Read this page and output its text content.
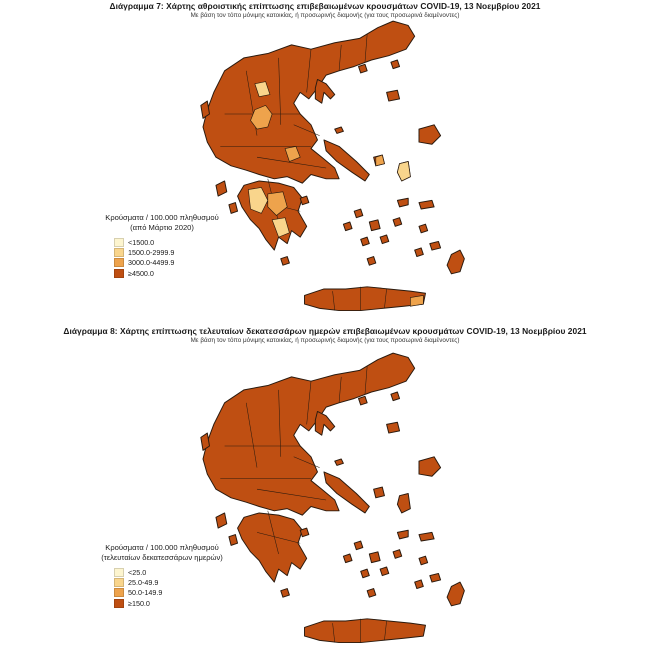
Διάγραμμα 7: Χάρτης αθροιστικής επίπτωσης επιβεβαιωμένων κρουσμάτων COVID-19, 13 Νοεμβρίου 2021
Με βάση τον τόπο μόνιμης κατοικίας, ή προσωρινής διαμονής (για τους προσωρινά διαμένοντες)
Κρούσματα / 100.000 πληθυσμού
(από Μάρτιο 2020)
<1500.0
1500.0-2999.9
3000.0-4499.9
≥4500.0
Διάγραμμα 8: Χάρτης επίπτωσης τελευταίων δεκατεσσάρων ημερών επιβεβαιωμένων κρουσμάτων COVID-19, 13 Νοεμβρίου 2021
Με βάση τον τόπο μόνιμης κατοικίας, ή προσωρινής διαμονής (για τους προσωρινά διαμένοντες)
Κρούσματα / 100.000 πληθυσμού
(τελευταίων δεκατεσσάρων ημερών)
<25.0
25.0-49.9
50.0-149.9
≥150.0
